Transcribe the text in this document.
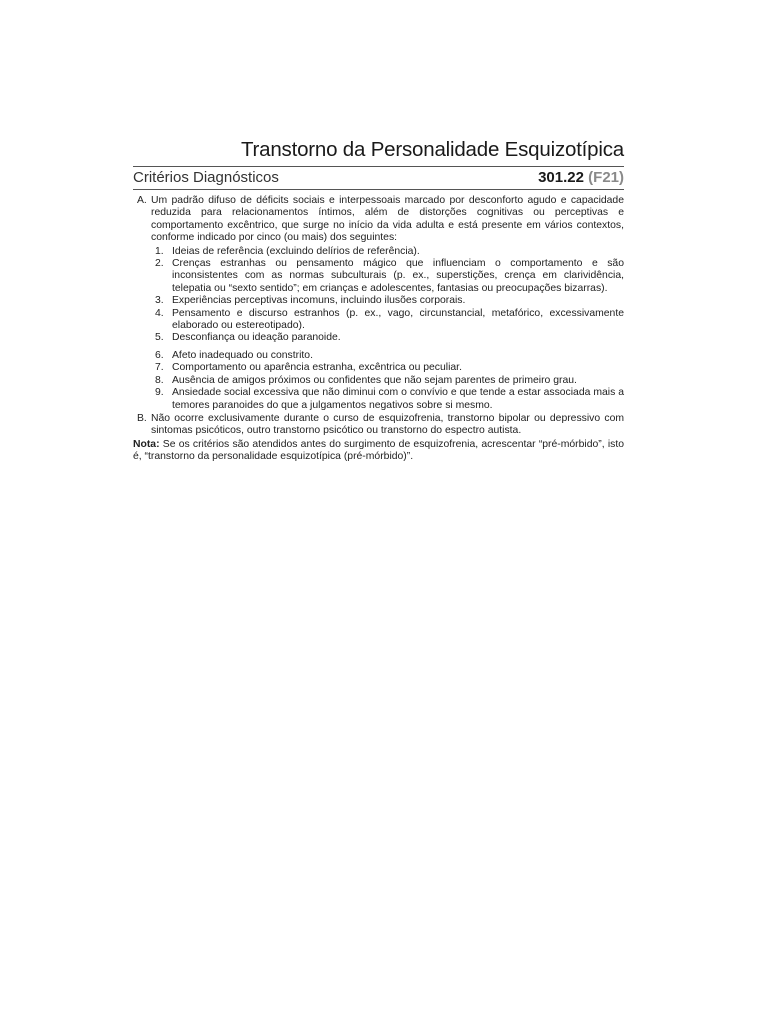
Transtorno da Personalidade Esquizotípica
Critérios Diagnósticos	301.22 (F21)
A. Um padrão difuso de déficits sociais e interpessoais marcado por desconforto agudo e capacidade reduzida para relacionamentos íntimos, além de distorções cognitivas ou perceptivas e comportamento excêntrico, que surge no início da vida adulta e está presente em vários contextos, conforme indicado por cinco (ou mais) dos seguintes:
1. Ideias de referência (excluindo delírios de referência).
2. Crenças estranhas ou pensamento mágico que influenciam o comportamento e são inconsistentes com as normas subculturais (p. ex., superstições, crença em clarividência, telepatia ou “sexto sentido”; em crianças e adolescentes, fantasias ou preocupações bizarras).
3. Experiências perceptivas incomuns, incluindo ilusões corporais.
4. Pensamento e discurso estranhos (p. ex., vago, circunstancial, metafórico, excessivamente elaborado ou estereotipado).
5. Desconfiança ou ideação paranoide.
6. Afeto inadequado ou constrito.
7. Comportamento ou aparência estranha, excêntrica ou peculiar.
8. Ausência de amigos próximos ou confidentes que não sejam parentes de primeiro grau.
9. Ansiedade social excessiva que não diminui com o convívio e que tende a estar associada mais a temores paranoides do que a julgamentos negativos sobre si mesmo.
B. Não ocorre exclusivamente durante o curso de esquizofrenia, transtorno bipolar ou depressivo com sintomas psicóticos, outro transtorno psicótico ou transtorno do espectro autista.
Nota: Se os critérios são atendidos antes do surgimento de esquizofrenia, acrescentar “pré-mórbido”, isto é, “transtorno da personalidade esquizotípica (pré-mórbido)”.
